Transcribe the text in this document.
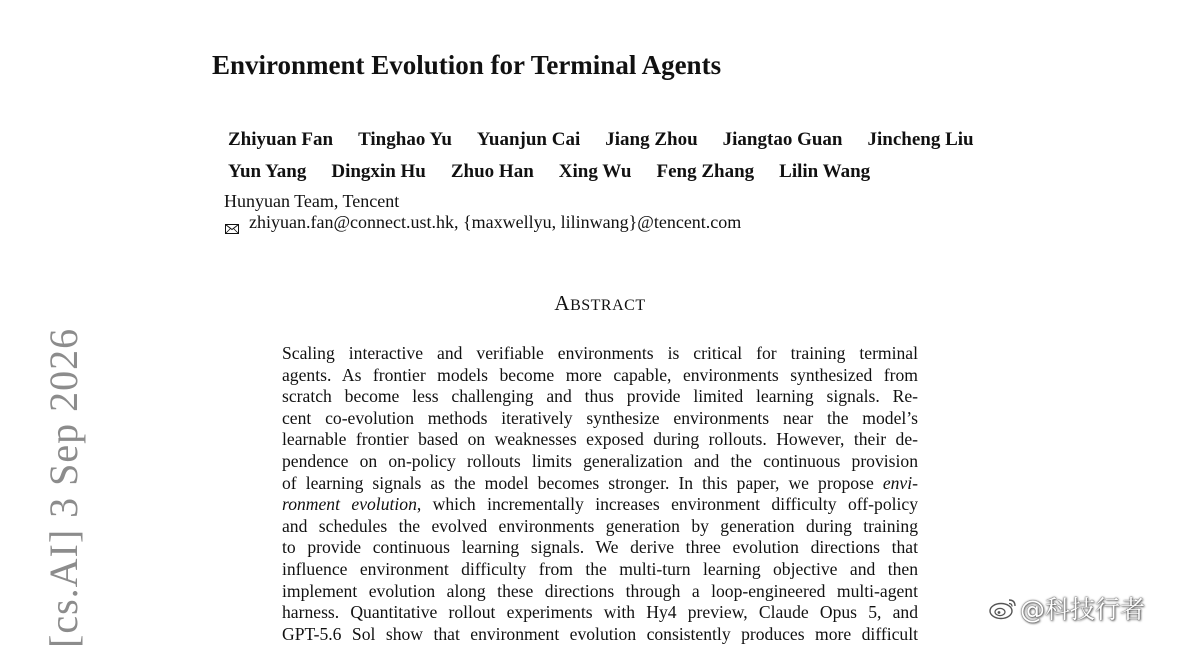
Environment Evolution for Terminal Agents
Zhiyuan Fan Tinghao Yu Yuanjun Cai Jiang Zhou Jiangtao Guan Jincheng Liu
Yun Yang Dingxin Hu Zhuo Han Xing Wu Feng Zhang Lilin Wang
Hunyuan Team, Tencent
zhiyuan.fan@connect.ust.hk, {maxwellyu, lilinwang}@tencent.com
ABSTRACT
Scaling interactive and verifiable environments is critical for training terminal
agents. As frontier models become more capable, environments synthesized from
scratch become less challenging and thus provide limited learning signals. Re-
cent co-evolution methods iteratively synthesize environments near the model’s
learnable frontier based on weaknesses exposed during rollouts. However, their de-
pendence on on-policy rollouts limits generalization and the continuous provision
of learning signals as the model becomes stronger. In this paper, we propose envi-
ronment evolution, which incrementally increases environment difficulty off-policy
and schedules the evolved environments generation by generation during training
to provide continuous learning signals. We derive three evolution directions that
influence environment difficulty from the multi-turn learning objective and then
implement evolution along these directions through a loop-engineered multi-agent
harness. Quantitative rollout experiments with Hy4 preview, Claude Opus 5, and
GPT-5.6 Sol show that environment evolution consistently produces more difficult
[cs.AI] 3 Sep 2026	@科技行者
